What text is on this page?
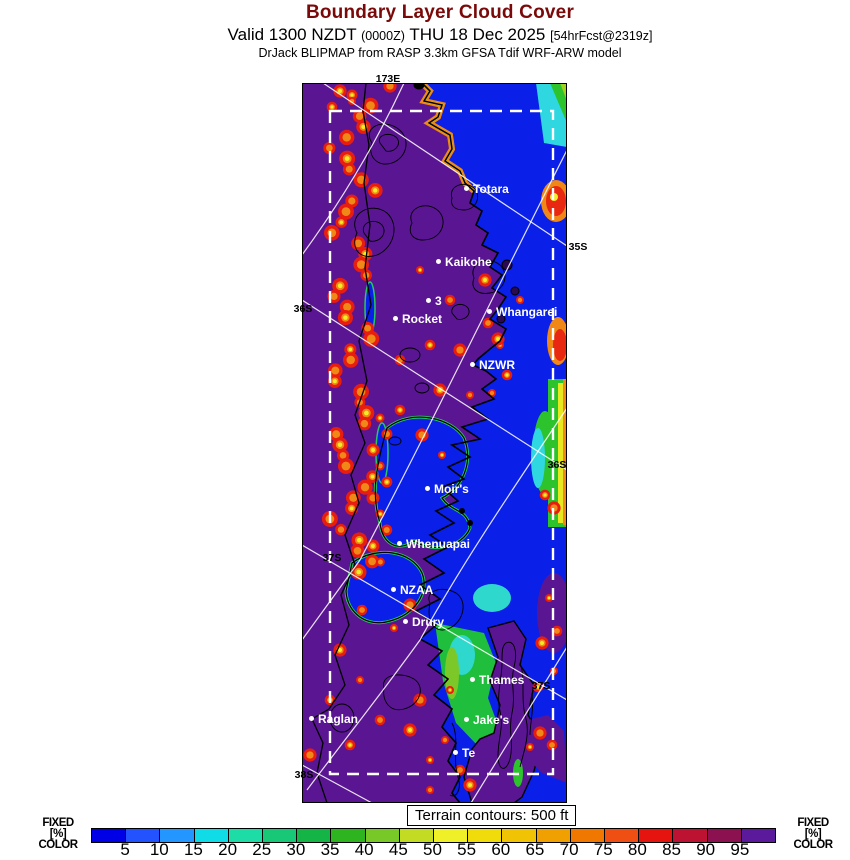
Boundary Layer Cloud Cover
Valid 1300 NZDT (0000Z) THU 18 Dec 2025 [54hrFcst@2319z]
DrJack BLIPMAP from RASP 3.3km GFSA Tdif WRF-ARW model
Totara
Kaikohe
3
Rocket	Whangarei
NZWR
Moir's
Whenuapai
NZAA
Drury
Thames
Raglan	Jake's
Te
173E
35S
36S
36S
37S
37S
38S
Terrain contours: 500 ft
FIXED
[%]
COLOR
FIXED
[%]
COLOR
5 10 15 20 25 30 35 40 45 50 55 60 65 70 75 80 85 90 95
